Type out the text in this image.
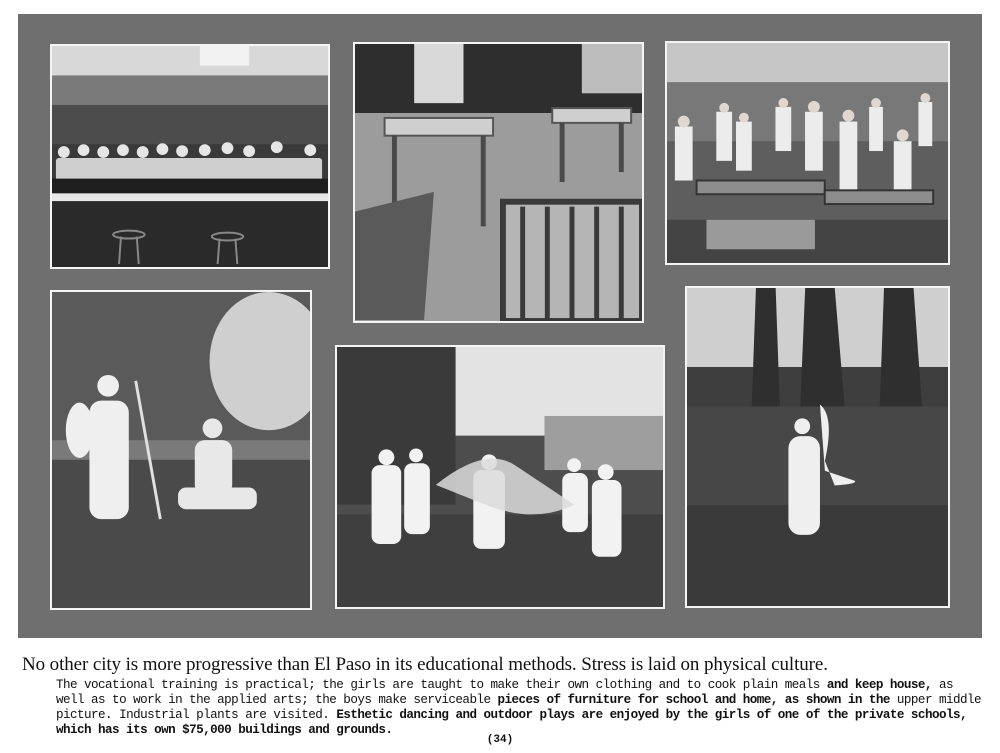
No other city is more progressive than El Paso in its educational methods. Stress is laid on physical culture.

The vocational training is practical; the girls are taught to make their own clothing and to cook plain meals and keep house, as well as to work in the applied arts; the boys make serviceable pieces of furniture for school and home, as shown in the upper middle picture. Industrial plants are visited. Esthetic dancing and outdoor plays are enjoyed by the girls of one of the private schools, which has its own $75,000 buildings and grounds.

(34)
